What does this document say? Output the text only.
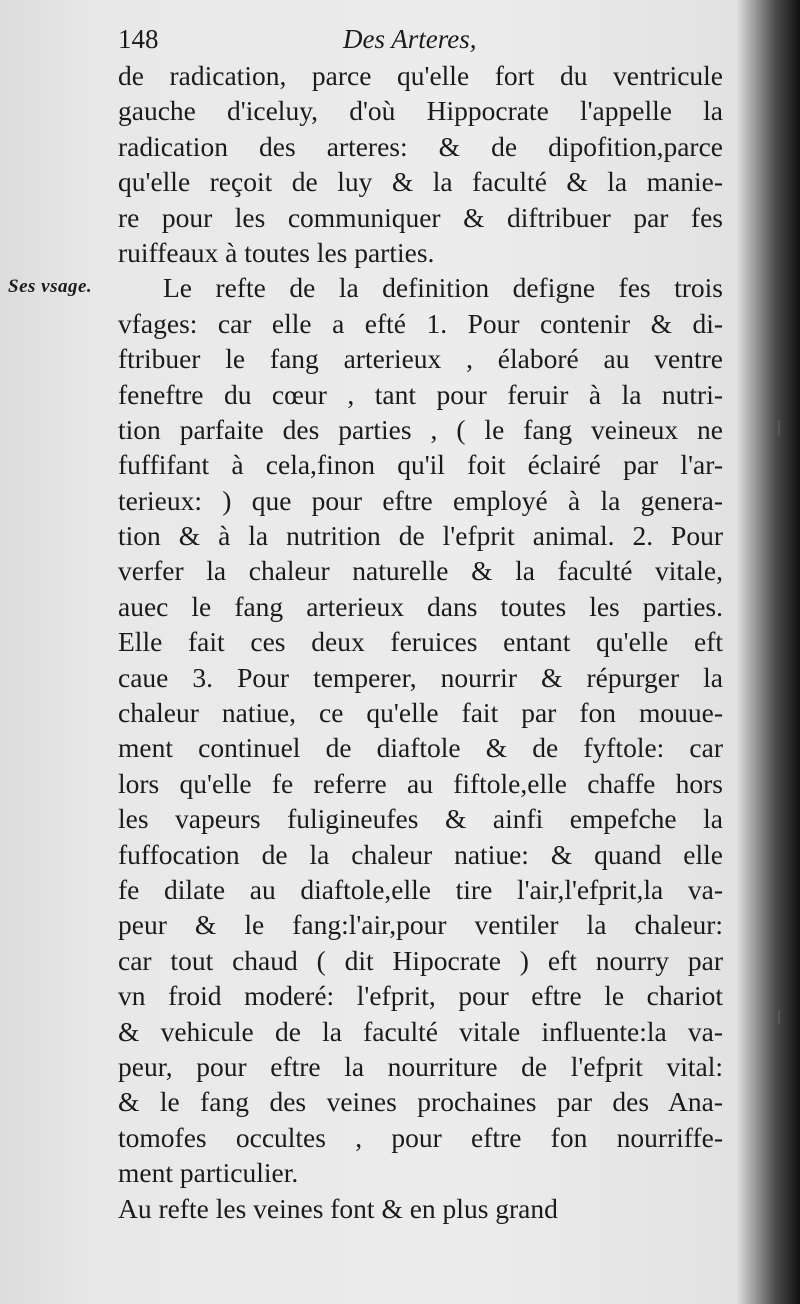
148	Des Arteres,
Ses vsage.
de radication, parce qu'elle fort du ventricule
gauche d'iceluy, d'où Hippocrate l'appelle la
radication des arteres: & de dipofition,parce
qu'elle reçoit de luy & la faculté & la manie-
re pour les communiquer & diftribuer par fes
ruiffeaux à toutes les parties.
Le refte de la definition defigne fes trois
vfages: car elle a efté 1. Pour contenir & di-
ftribuer le fang arterieux , élaboré au ventre
feneftre du cœur , tant pour feruir à la nutri-
tion parfaite des parties , ( le fang veineux ne
fuffifant à cela,finon qu'il foit éclairé par l'ar-
terieux: ) que pour eftre employé à la genera-
tion & à la nutrition de l'efprit animal. 2. Pour
verfer la chaleur naturelle & la faculté vitale,
auec le fang arterieux dans toutes les parties.
Elle fait ces deux feruices entant qu'elle eft
caue 3. Pour temperer, nourrir & répurger la
chaleur natiue, ce qu'elle fait par fon mouue-
ment continuel de diaftole & de fyftole: car
lors qu'elle fe referre au fiftole,elle chaffe hors
les vapeurs fuligineufes & ainfi empefche la
fuffocation de la chaleur natiue: & quand elle
fe dilate au diaftole,elle tire l'air,l'efprit,la va-
peur & le fang:l'air,pour ventiler la chaleur:
car tout chaud ( dit Hipocrate ) eft nourry par
vn froid moderé: l'efprit, pour eftre le chariot
& vehicule de la faculté vitale influente:la va-
peur, pour eftre la nourriture de l'efprit vital:
& le fang des veines prochaines par des Ana-
tomofes occultes , pour eftre fon nourriffe-
ment particulier.
Au refte les veines font & en plus grand
